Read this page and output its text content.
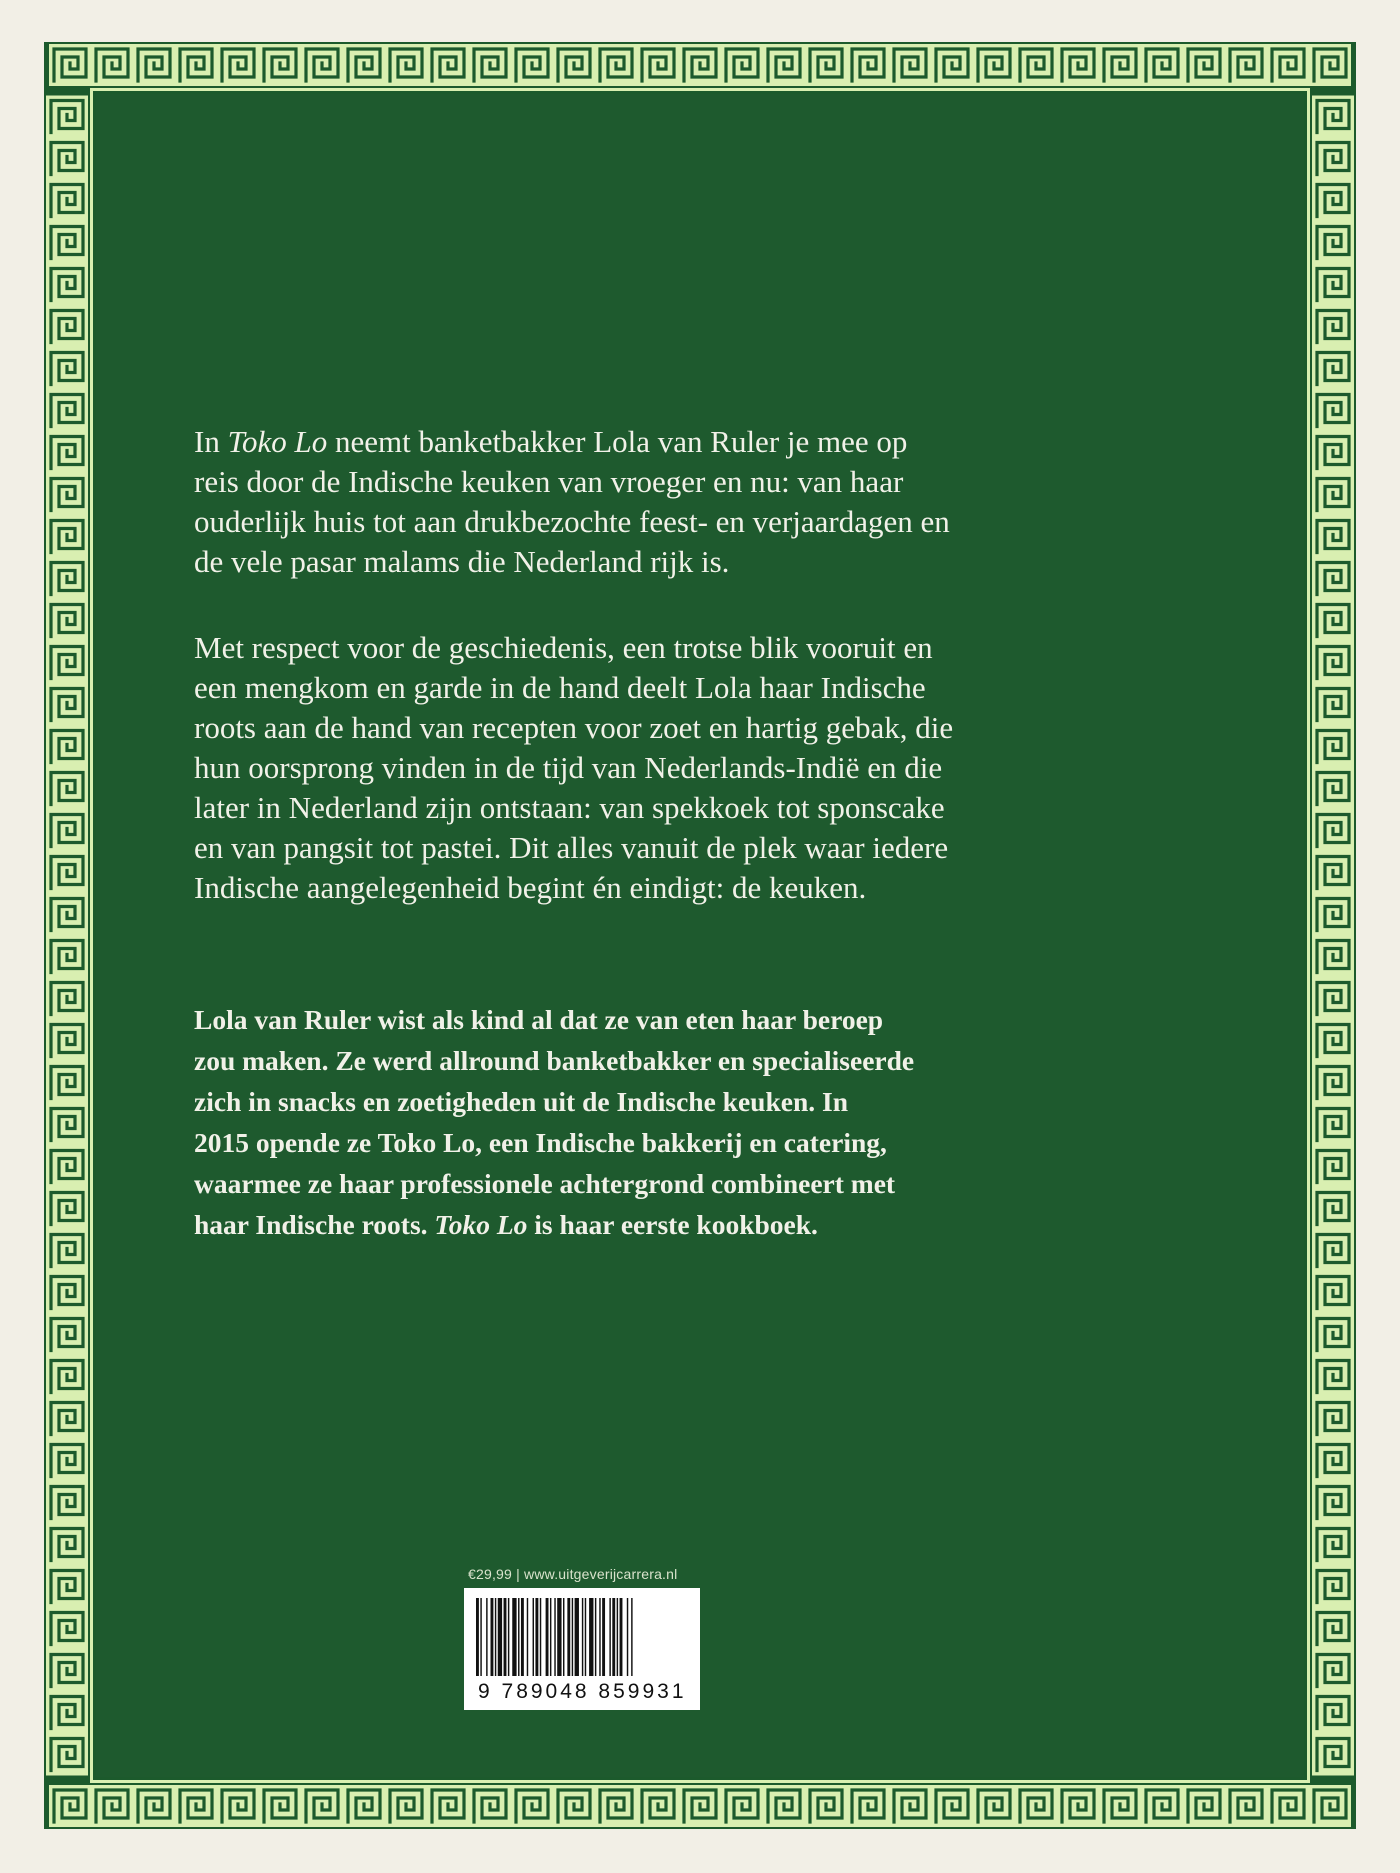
In Toko Lo neemt banketbakker Lola van Ruler je mee op

reis door de Indische keuken van vroeger en nu: van haar

ouderlijk huis tot aan drukbezochte feest- en verjaardagen en

de vele pasar malams die Nederland rijk is.

Met respect voor de geschiedenis, een trotse blik vooruit en

een mengkom en garde in de hand deelt Lola haar Indische

roots aan de hand van recepten voor zoet en hartig gebak, die

hun oorsprong vinden in de tijd van Nederlands-Indië en die

later in Nederland zijn ontstaan: van spekkoek tot sponscake

en van pangsit tot pastei. Dit alles vanuit de plek waar iedere

Indische aangelegenheid begint én eindigt: de keuken.

Lola van Ruler wist als kind al dat ze van eten haar beroep

zou maken. Ze werd allround banketbakker en specialiseerde

zich in snacks en zoetigheden uit de Indische keuken. In

2015 opende ze Toko Lo, een Indische bakkerij en catering,

waarmee ze haar professionele achtergrond combineert met

haar Indische roots. Toko Lo is haar eerste kookboek.

€29,99 | www.uitgeverijcarrera.nl
9 789048 859931
